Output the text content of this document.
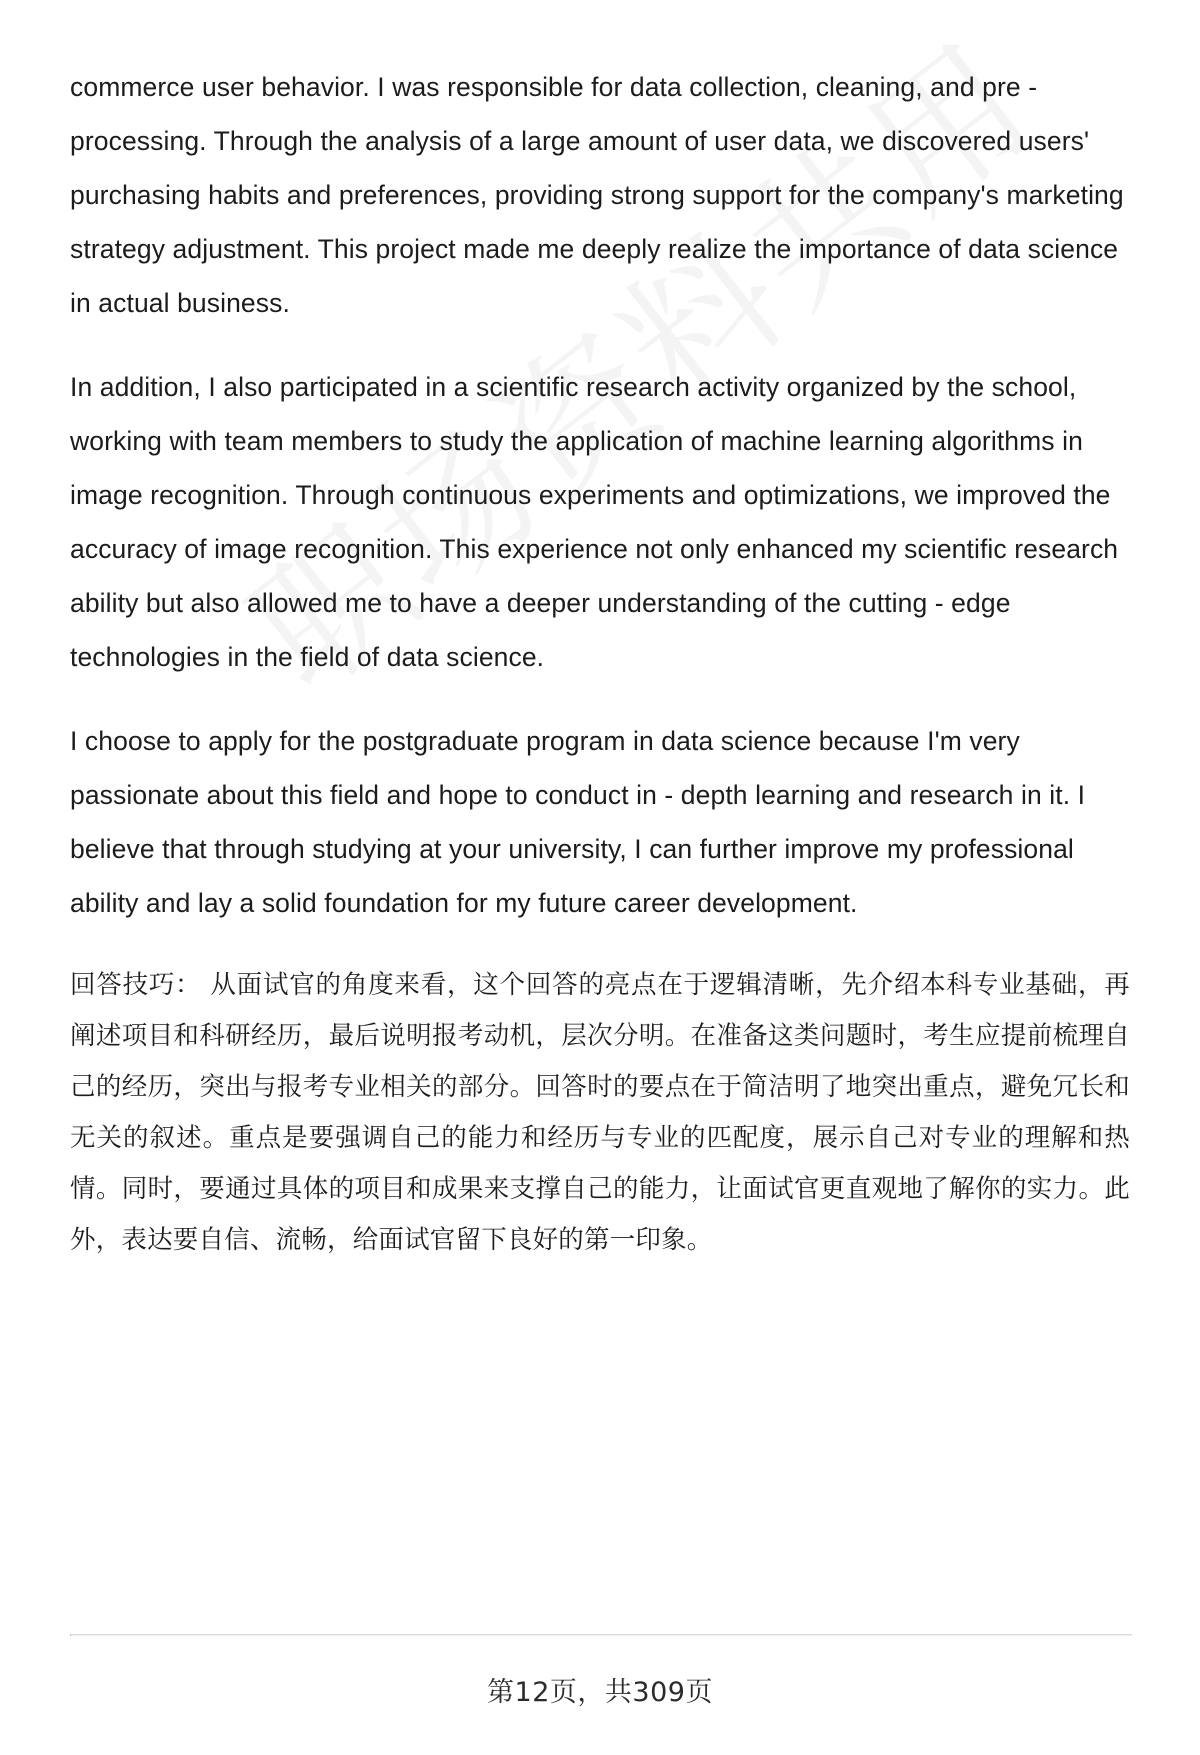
commerce user behavior. I was responsible for data collection, cleaning, and pre - processing. Through the analysis of a large amount of user data, we discovered users' purchasing habits and preferences, providing strong support for the company's marketing strategy adjustment. This project made me deeply realize the importance of data science in actual business.

In addition, I also participated in a scientific research activity organized by the school, working with team members to study the application of machine learning algorithms in image recognition. Through continuous experiments and optimizations, we improved the accuracy of image recognition. This experience not only enhanced my scientific research ability but also allowed me to have a deeper understanding of the cutting - edge technologies in the field of data science.

I choose to apply for the postgraduate program in data science because I'm very passionate about this field and hope to conduct in - depth learning and research in it. I believe that through studying at your university, I can further improve my professional ability and lay a solid foundation for my future career development.

回答技巧： 从面试官的角度来看，这个回答的亮点在于逻辑清晰，先介绍本科专业基础，再阐述项目和科研经历，最后说明报考动机，层次分明。在准备这类问题时，考生应提前梳理自己的经历，突出与报考专业相关的部分。回答时的要点在于简洁明了地突出重点，避免冗长和无关的叙述。重点是要强调自己的能力和经历与专业的匹配度，展示自己对专业的理解和热情。同时，要通过具体的项目和成果来支撑自己的能力，让面试官更直观地了解你的实力。此外，表达要自信、流畅，给面试官留下良好的第一印象。

第12页，共309页
